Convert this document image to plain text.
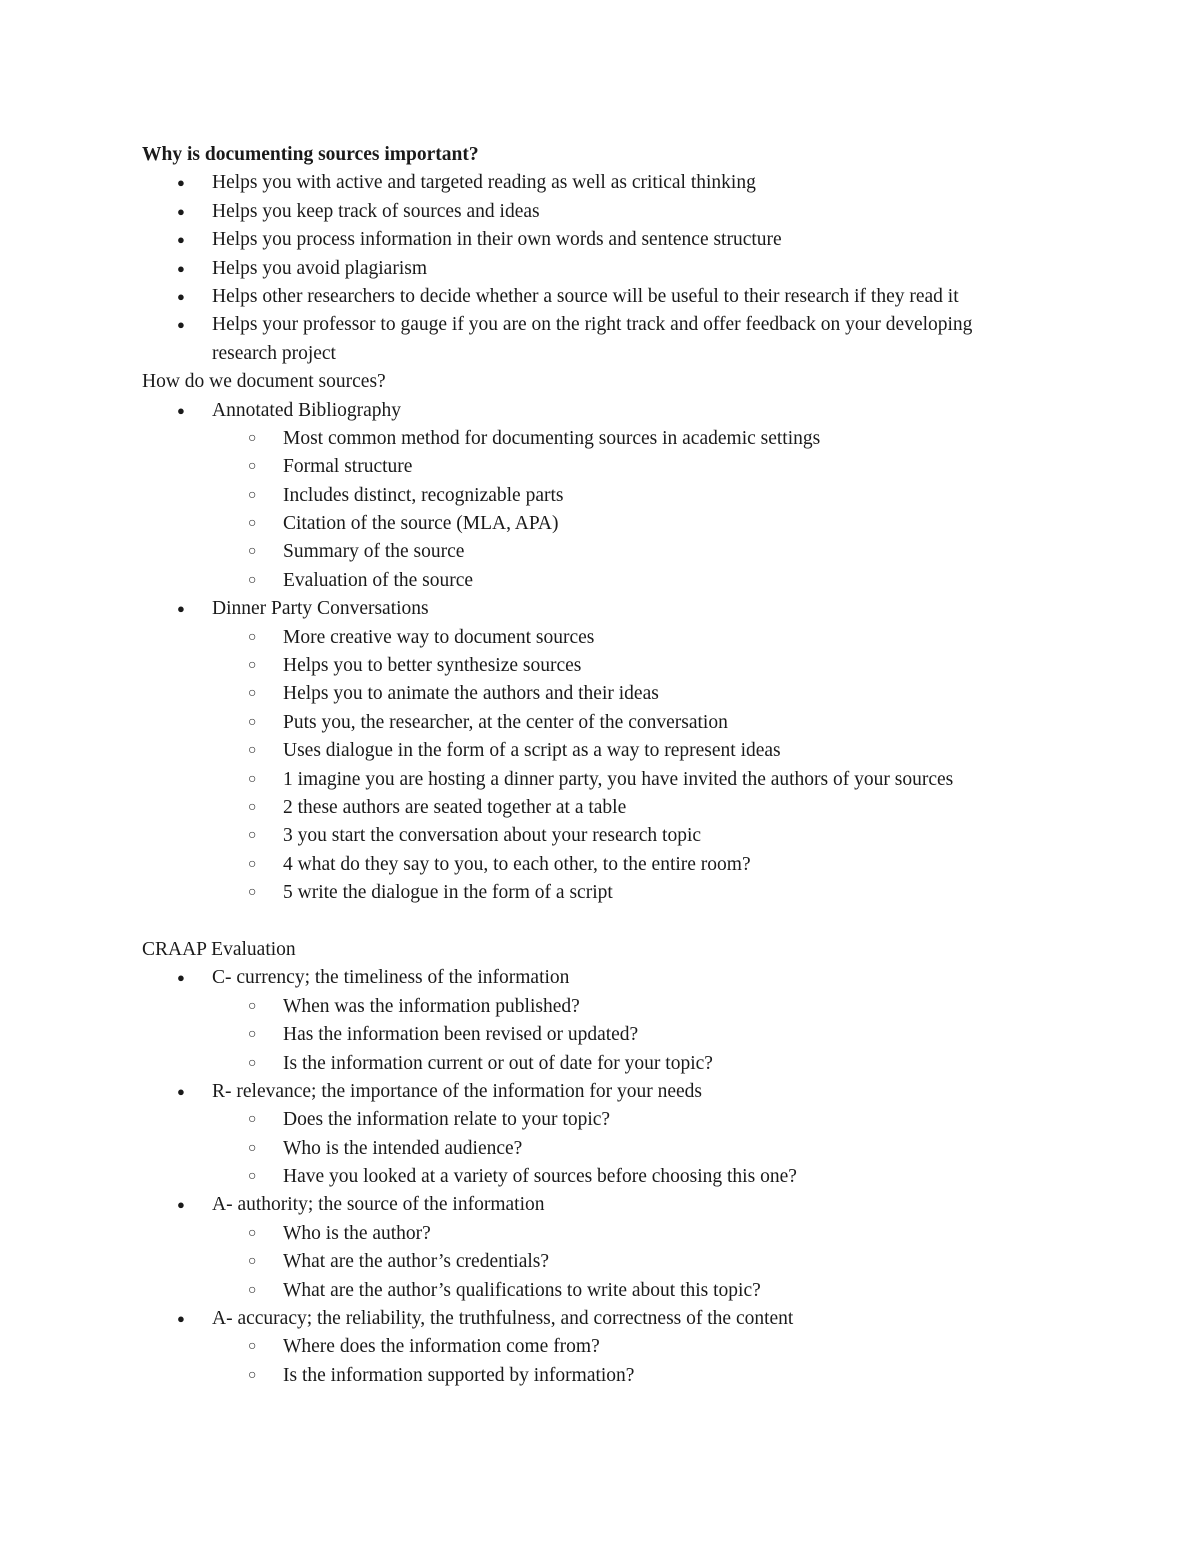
Why is documenting sources important?
● Helps you with active and targeted reading as well as critical thinking
● Helps you keep track of sources and ideas
● Helps you process information in their own words and sentence structure
● Helps you avoid plagiarism
● Helps other researchers to decide whether a source will be useful to their research if they read it
● Helps your professor to gauge if you are on the right track and offer feedback on your developing
research project
How do we document sources?
● Annotated Bibliography
○ Most common method for documenting sources in academic settings
○ Formal structure
○ Includes distinct, recognizable parts
○ Citation of the source (MLA, APA)
○ Summary of the source
○ Evaluation of the source
● Dinner Party Conversations
○ More creative way to document sources
○ Helps you to better synthesize sources
○ Helps you to animate the authors and their ideas
○ Puts you, the researcher, at the center of the conversation
○ Uses dialogue in the form of a script as a way to represent ideas
○ 1 imagine you are hosting a dinner party, you have invited the authors of your sources
○ 2 these authors are seated together at a table
○ 3 you start the conversation about your research topic
○ 4 what do they say to you, to each other, to the entire room?
○ 5 write the dialogue in the form of a script
CRAAP Evaluation
● C- currency; the timeliness of the information
○ When was the information published?
○ Has the information been revised or updated?
○ Is the information current or out of date for your topic?
● R- relevance; the importance of the information for your needs
○ Does the information relate to your topic?
○ Who is the intended audience?
○ Have you looked at a variety of sources before choosing this one?
● A- authority; the source of the information
○ Who is the author?
○ What are the author’s credentials?
○ What are the author’s qualifications to write about this topic?
● A- accuracy; the reliability, the truthfulness, and correctness of the content
○ Where does the information come from?
○ Is the information supported by information?
